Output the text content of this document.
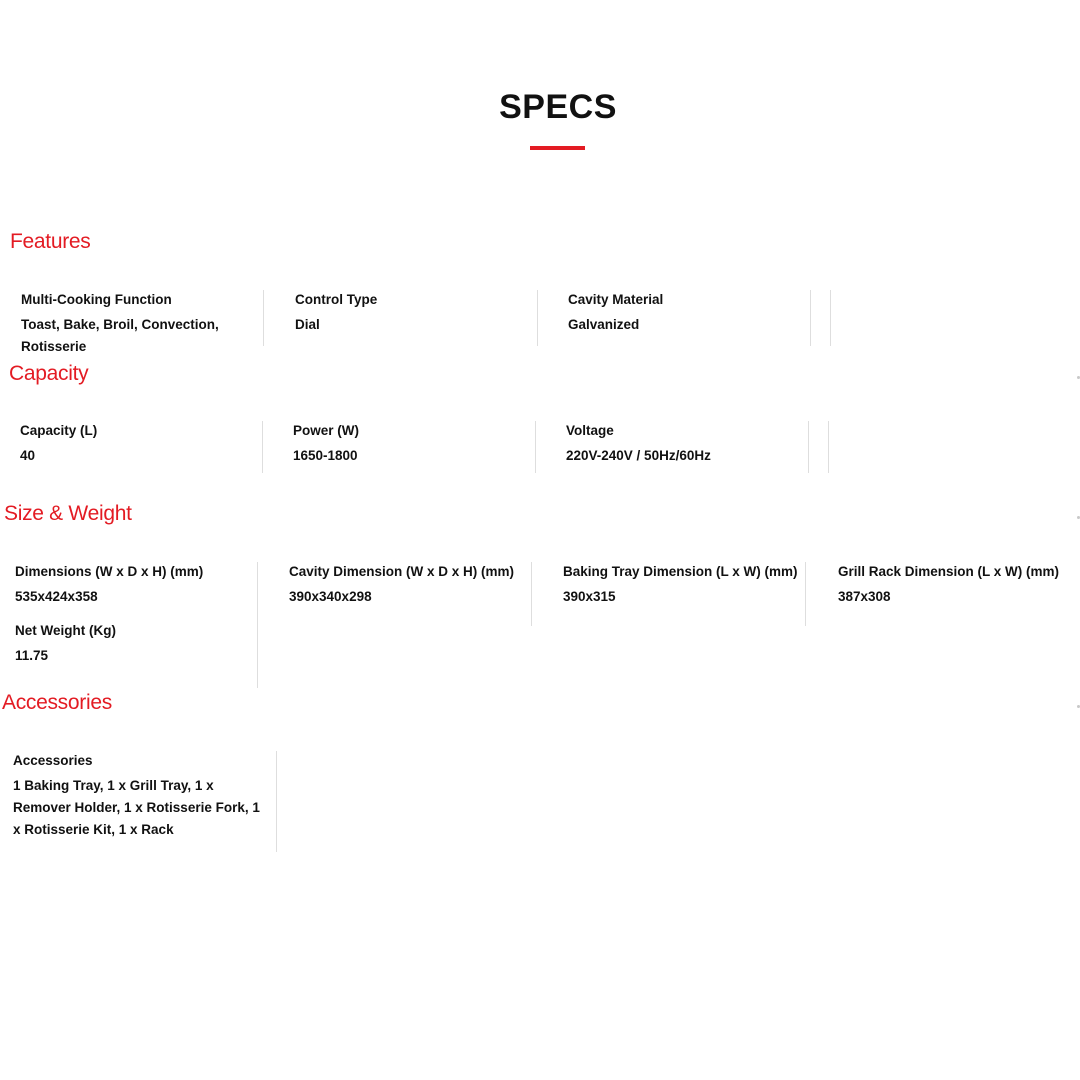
SPECS
Features
Multi-Cooking Function
Toast, Bake, Broil, Convection, Rotisserie
Control Type
Dial
Cavity Material
Galvanized
Capacity
Capacity (L)
40
Power (W)
1650-1800
Voltage
220V-240V / 50Hz/60Hz
Size & Weight
Dimensions (W x D x H) (mm)
535x424x358
Net Weight (Kg)
11.75
Cavity Dimension (W x D x H) (mm)
390x340x298
Baking Tray Dimension (L x W) (mm)
390x315
Grill Rack Dimension (L x W) (mm)
387x308
Accessories
Accessories
1 Baking Tray, 1 x Grill Tray, 1 x Remover Holder, 1 x Rotisserie Fork, 1 x Rotisserie Kit, 1 x Rack
